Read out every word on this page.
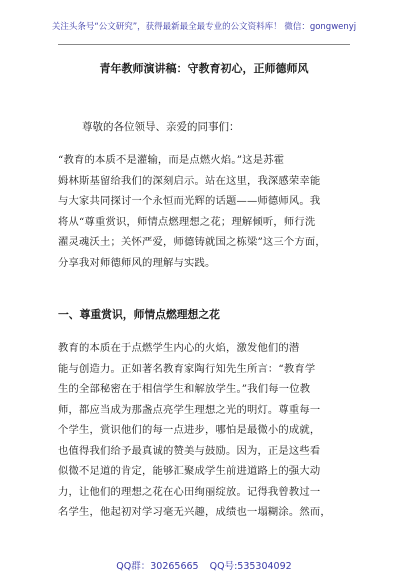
关注头条号“公文研究”，获得最新最全最专业的公文资料库！ 微信：gongwenyj
青年教师演讲稿：守教育初心，正师德师风
尊敬的各位领导、亲爱的同事们：
“教育的本质不是灌输，而是点燃火焰。”这是苏霍
姆林斯基留给我们的深刻启示。站在这里，我深感荣幸能
与大家共同探讨一个永恒而光辉的话题——师德师风。我
将从“尊重赏识，师情点燃理想之花；理解倾听，师行洗
濯灵魂沃土；关怀严爱，师德铸就国之栋梁”这三个方面，
分享我对师德师风的理解与实践。
一、尊重赏识，师情点燃理想之花
教育的本质在于点燃学生内心的火焰，激发他们的潜
能与创造力。正如著名教育家陶行知先生所言：“教育学
生的全部秘密在于相信学生和解放学生。”我们每一位教
师，都应当成为那盏点亮学生理想之光的明灯。尊重每一
个学生，赏识他们的每一点进步，哪怕是最微小的成就，
也值得我们给予最真诚的赞美与鼓励。因为，正是这些看
似微不足道的肯定，能够汇聚成学生前进道路上的强大动
力，让他们的理想之花在心田绚丽绽放。记得我曾教过一
名学生，他起初对学习毫无兴趣，成绩也一塌糊涂。然而，
QQ群：30265665 QQ号:535304092
